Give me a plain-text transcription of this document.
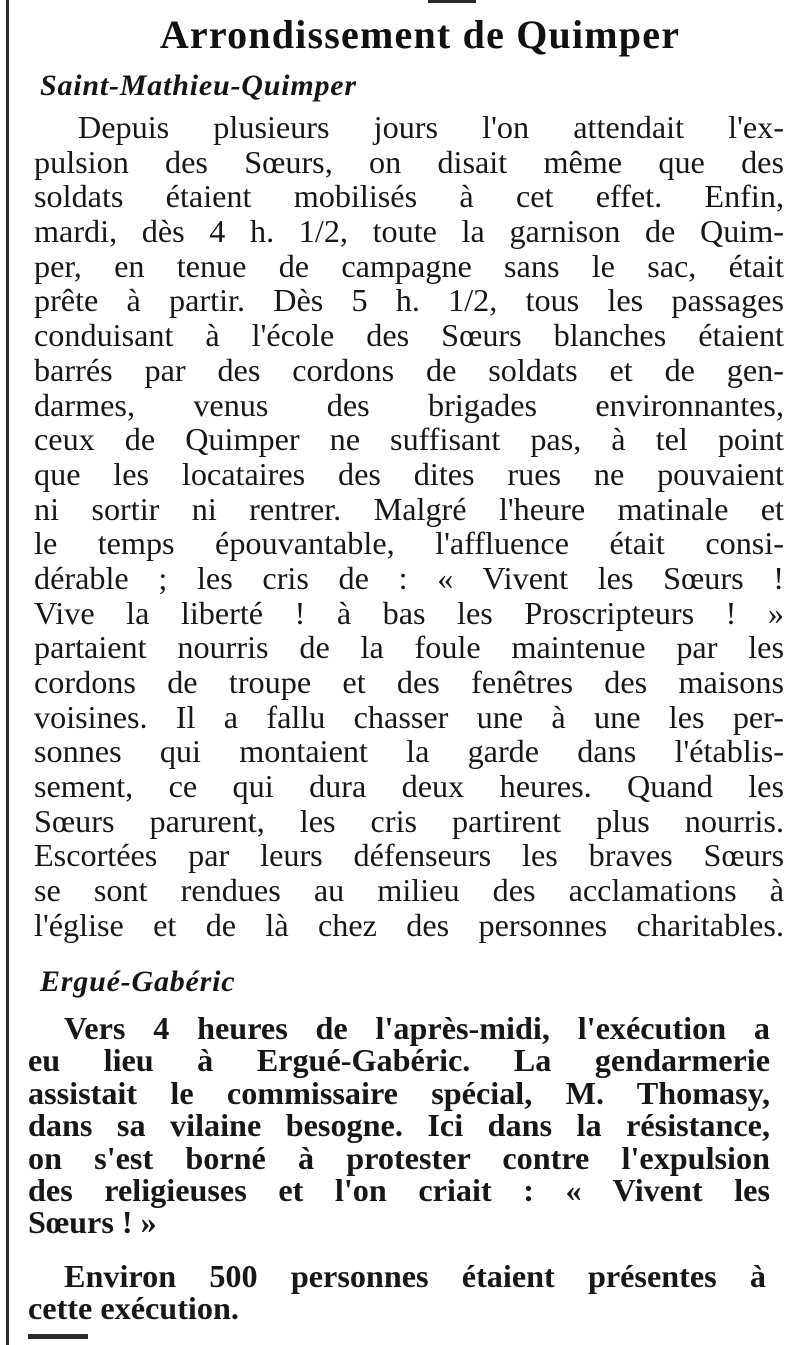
Arrondissement de Quimper
Saint-Mathieu-Quimper
Depuis plusieurs jours l'on attendait l'ex-
pulsion des Sœurs, on disait même que des
soldats étaient mobilisés à cet effet. Enfin,
mardi, dès 4 h. 1/2, toute la garnison de Quim-
per, en tenue de campagne sans le sac, était
prête à partir. Dès 5 h. 1/2, tous les passages
conduisant à l'école des Sœurs blanches étaient
barrés par des cordons de soldats et de gen-
darmes, venus des brigades environnantes,
ceux de Quimper ne suffisant pas, à tel point
que les locataires des dites rues ne pouvaient
ni sortir ni rentrer. Malgré l'heure matinale et
le temps épouvantable, l'affluence était consi-
dérable ; les cris de : « Vivent les Sœurs !
Vive la liberté ! à bas les Proscripteurs ! »
partaient nourris de la foule maintenue par les
cordons de troupe et des fenêtres des maisons
voisines. Il a fallu chasser une à une les per-
sonnes qui montaient la garde dans l'établis-
sement, ce qui dura deux heures. Quand les
Sœurs parurent, les cris partirent plus nourris.
Escortées par leurs défenseurs les braves Sœurs
se sont rendues au milieu des acclamations à
l'église et de là chez des personnes charitables.
Ergué-Gabéric
Vers 4 heures de l'après-midi, l'exécution a
eu lieu à Ergué-Gabéric. La gendarmerie
assistait le commissaire spécial, M. Thomasy,
dans sa vilaine besogne. Ici dans la résistance,
on s'est borné à protester contre l'expulsion
des religieuses et l'on criait : « Vivent les
Sœurs ! »
Environ 500 personnes étaient présentes à
cette exécution.
